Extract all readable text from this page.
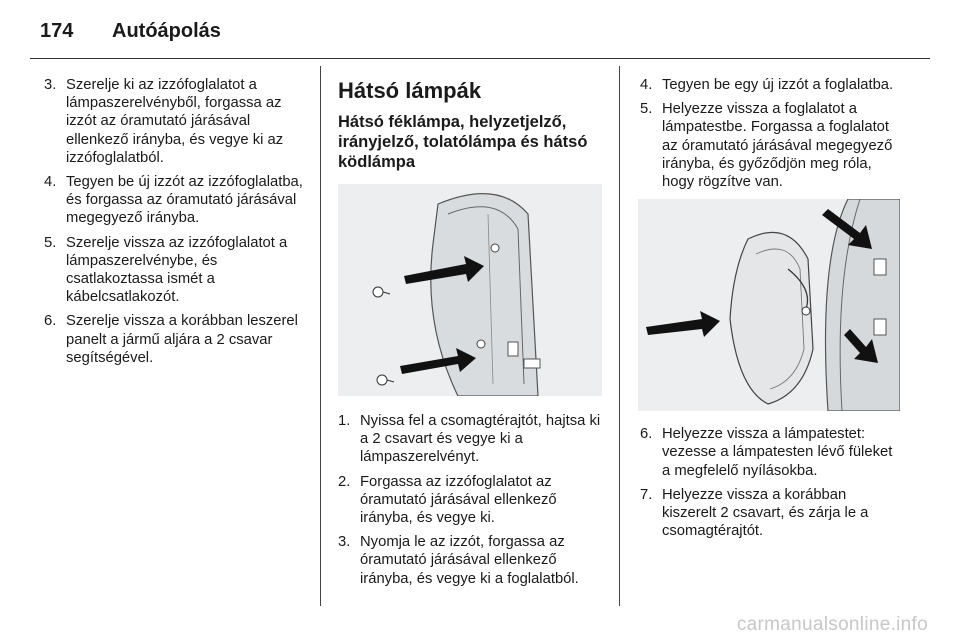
174 Autóápolás
3. Szerelje ki az izzófoglalatot a lámpaszerelvényből, forgassa az izzót az óramutató járásával ellenkező irányba, és vegye ki az izzófoglalatból.
4. Tegyen be új izzót az izzófoglalatba, és forgassa az óramutató járásával megegyező irányba.
5. Szerelje vissza az izzófoglalatot a lámpaszerelvénybe, és csatlakoztassa ismét a kábelcsatlakozót.
6. Szerelje vissza a korábban leszerel panelt a jármű aljára a 2 csavar segítségével.
Hátsó lámpák
Hátsó féklámpa, helyzetjelző, irányjelző, tolatólámpa és hátsó ködlámpa
1. Nyissa fel a csomagtérajtót, hajtsa ki a 2 csavart és vegye ki a lámpaszerelvényt.
2. Forgassa az izzófoglalatot az óramutató járásával ellenkező irányba, és vegye ki.
3. Nyomja le az izzót, forgassa az óramutató járásával ellenkező irányba, és vegye ki a foglalatból.
4. Tegyen be egy új izzót a foglalatba.
5. Helyezze vissza a foglalatot a lámpatestbe. Forgassa a foglalatot az óramutató járásával megegyező irányba, és győződjön meg róla, hogy rögzítve van.
6. Helyezze vissza a lámpatestet: vezesse a lámpatesten lévő füleket a megfelelő nyílásokba.
7. Helyezze vissza a korábban kiszerelt 2 csavart, és zárja le a csomagtérajtót.
carmanualsonline.info
